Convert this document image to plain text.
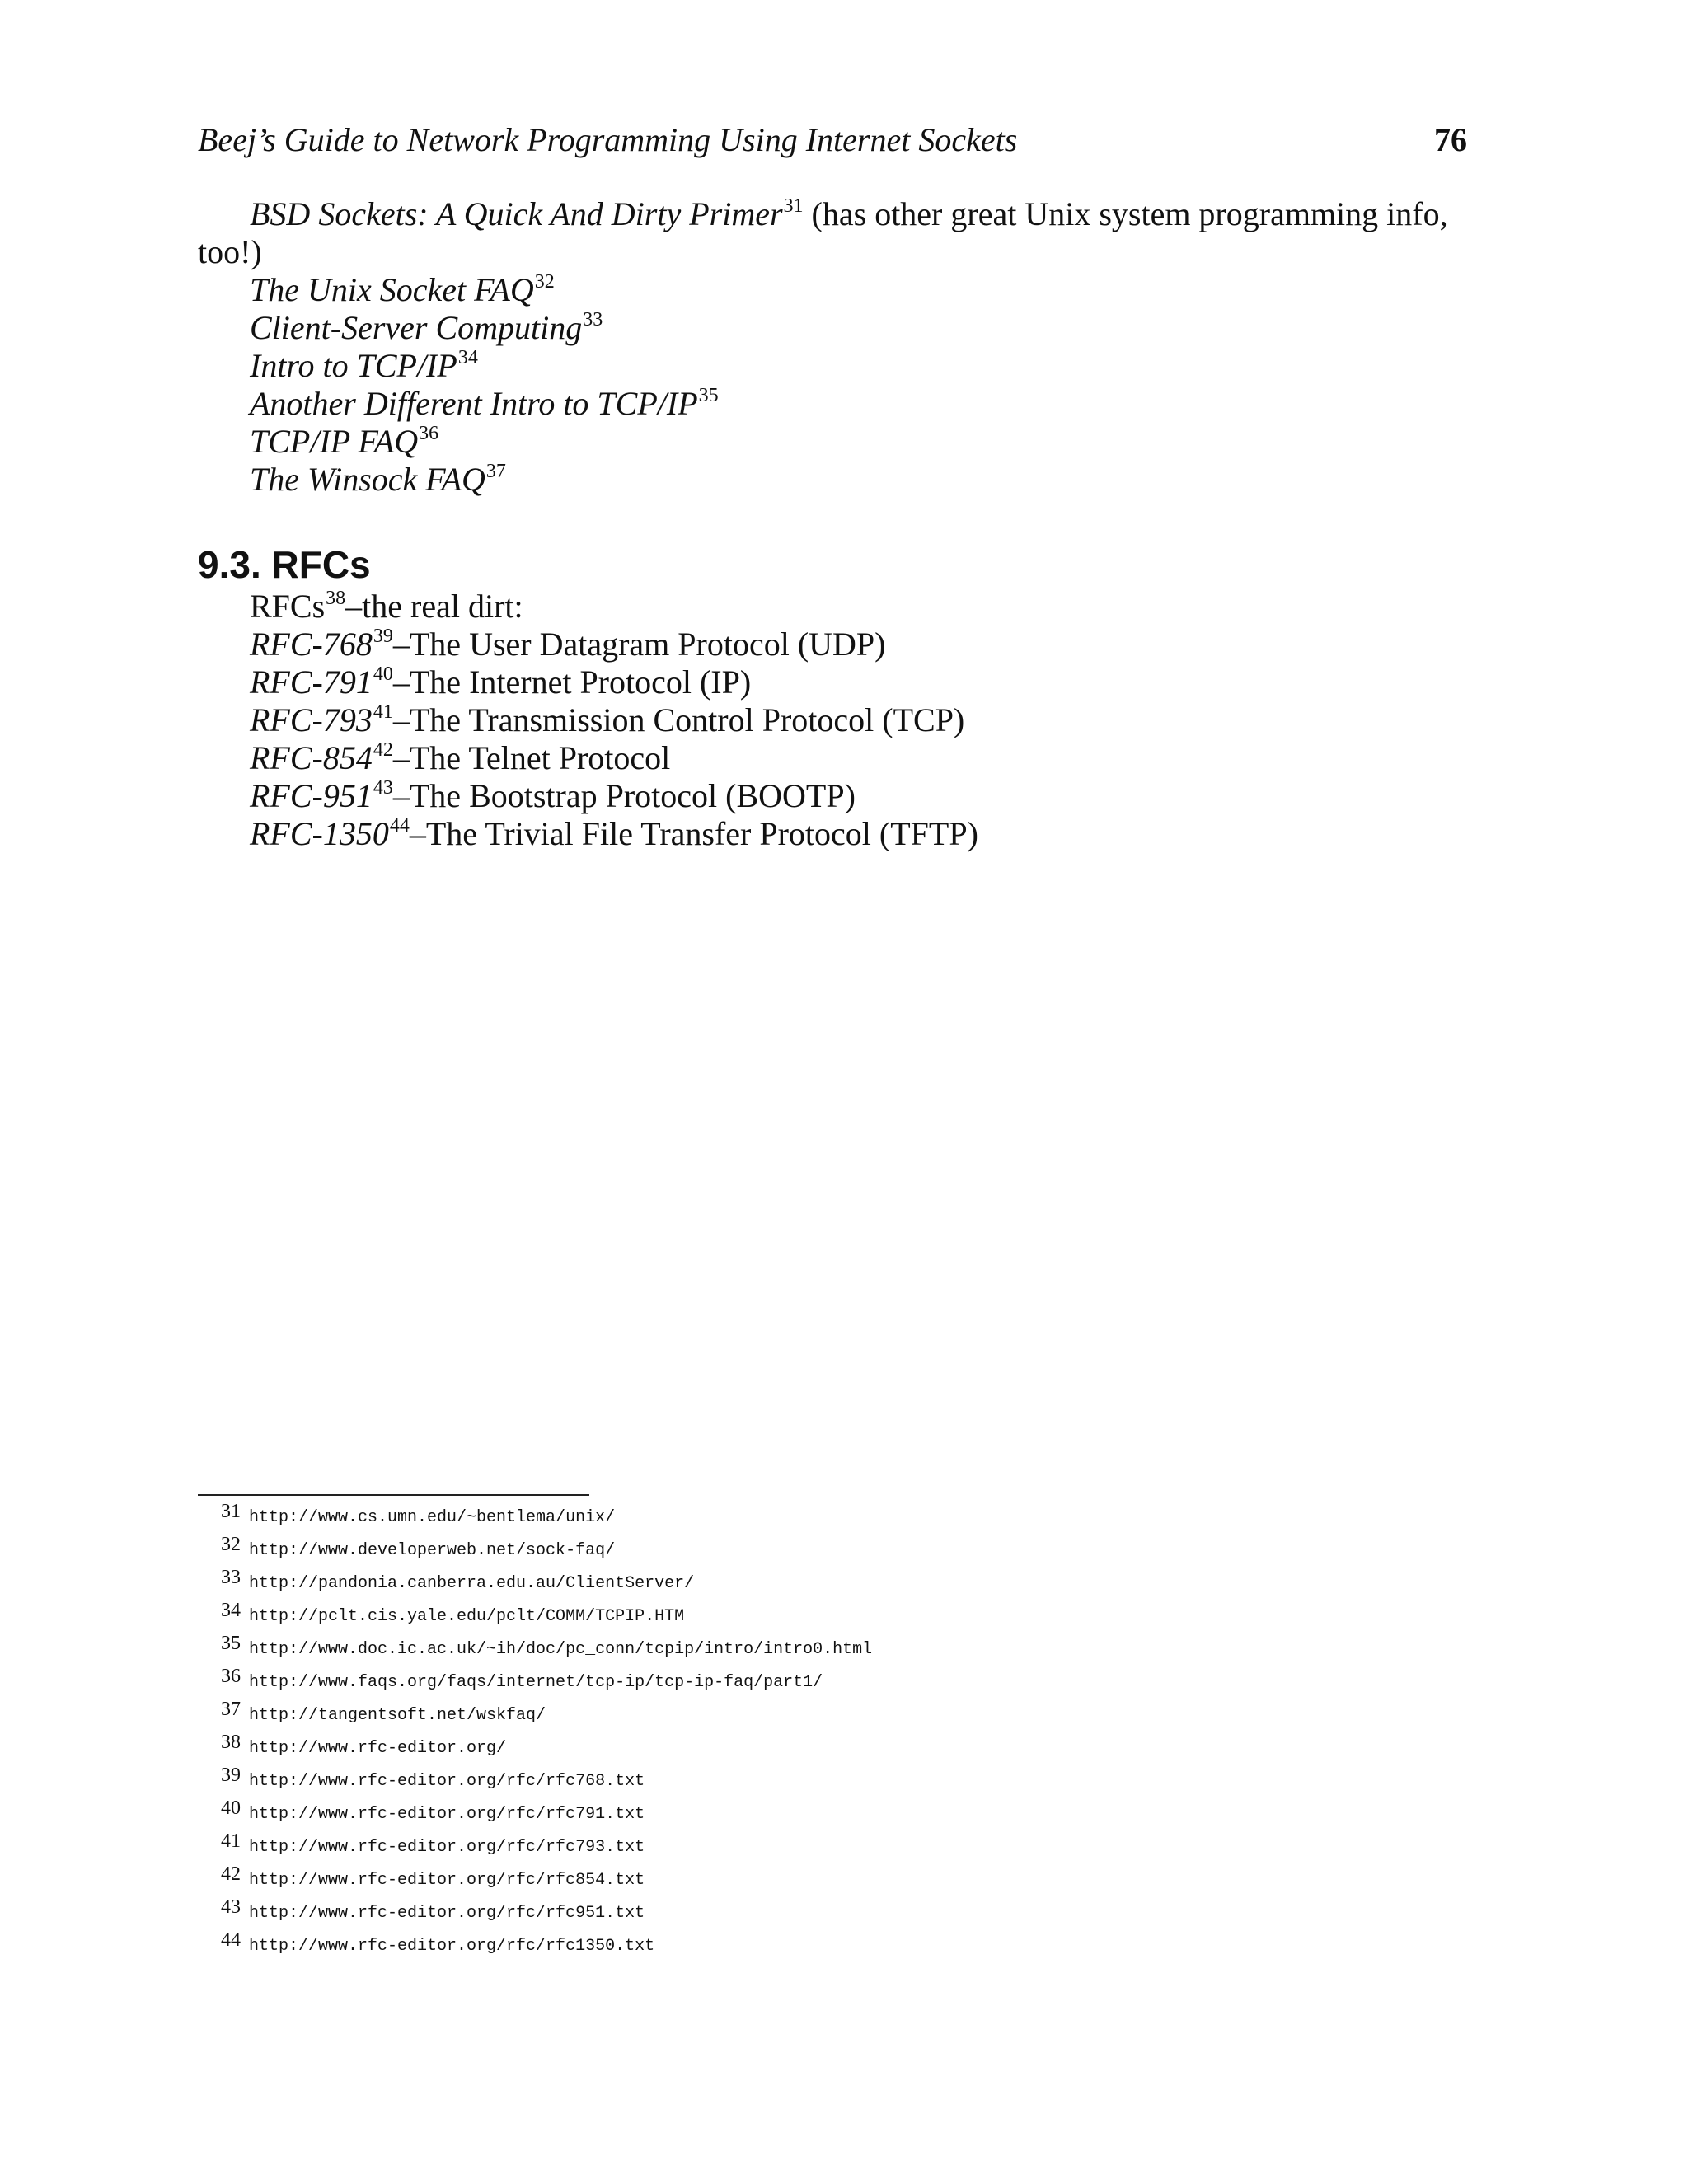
Beej’s Guide to Network Programming Using Internet Sockets	76
BSD Sockets: A Quick And Dirty Primer$^{31}$ (has other great Unix system programming info,
too!)
The Unix Socket FAQ$^{32}$
Client-Server Computing$^{33}$
Intro to TCP/IP$^{34}$
Another Different Intro to TCP/IP$^{35}$
TCP/IP FAQ$^{36}$
The Winsock FAQ$^{37}$
9.3. RFCs
RFCs$^{38}$–the real dirt:
RFC-768$^{39}$–The User Datagram Protocol (UDP)
RFC-791$^{40}$–The Internet Protocol (IP)
RFC-793$^{41}$–The Transmission Control Protocol (TCP)
RFC-854$^{42}$–The Telnet Protocol
RFC-951$^{43}$–The Bootstrap Protocol (BOOTP)
RFC-1350$^{44}$–The Trivial File Transfer Protocol (TFTP)
31 http://www.cs.umn.edu/~bentlema/unix/
32 http://www.developerweb.net/sock-faq/
33 http://pandonia.canberra.edu.au/ClientServer/
34 http://pclt.cis.yale.edu/pclt/COMM/TCPIP.HTM
35 http://www.doc.ic.ac.uk/~ih/doc/pc_conn/tcpip/intro/intro0.html
36 http://www.faqs.org/faqs/internet/tcp-ip/tcp-ip-faq/part1/
37 http://tangentsoft.net/wskfaq/
38 http://www.rfc-editor.org/
39 http://www.rfc-editor.org/rfc/rfc768.txt
40 http://www.rfc-editor.org/rfc/rfc791.txt
41 http://www.rfc-editor.org/rfc/rfc793.txt
42 http://www.rfc-editor.org/rfc/rfc854.txt
43 http://www.rfc-editor.org/rfc/rfc951.txt
44 http://www.rfc-editor.org/rfc/rfc1350.txt
